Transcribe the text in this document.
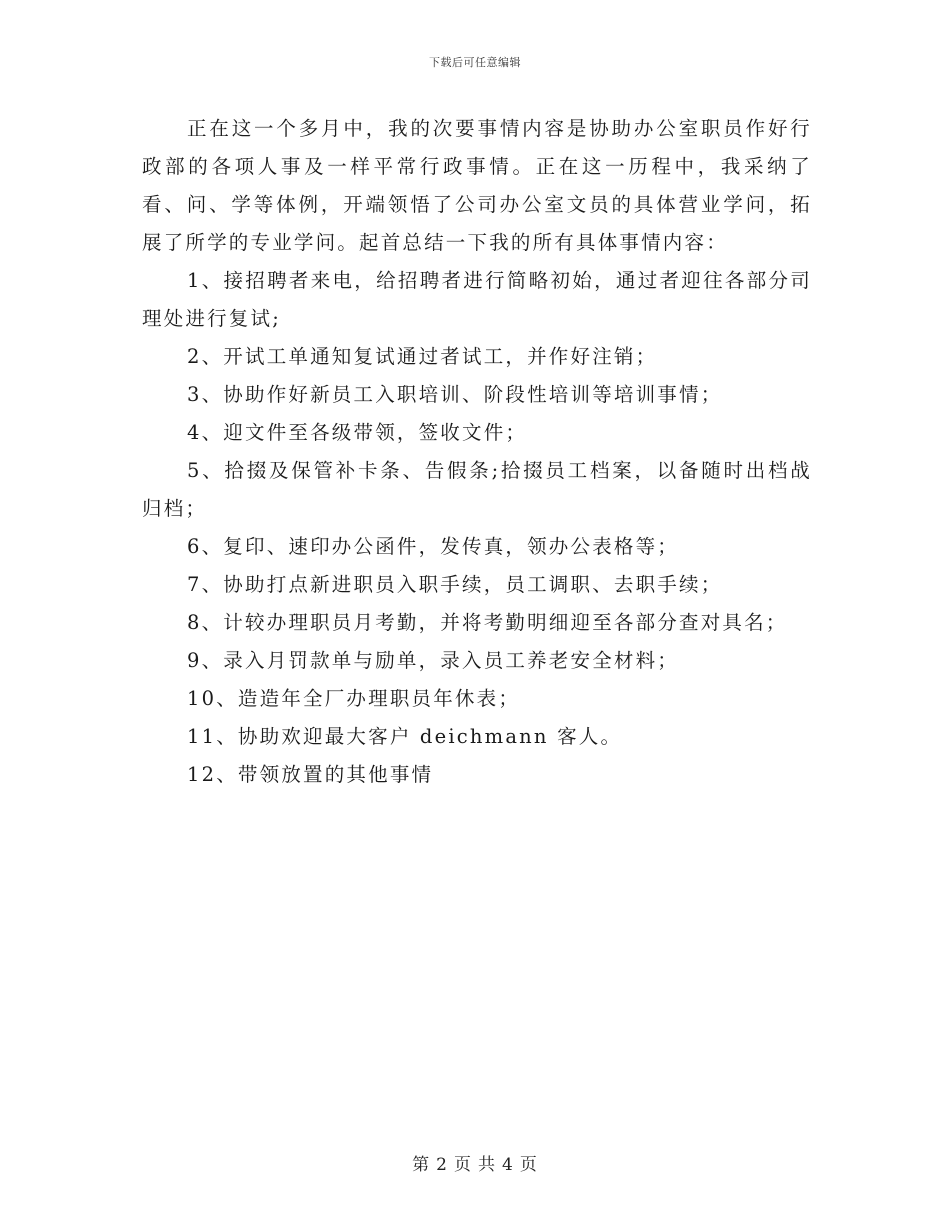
下载后可任意编辑

正在这一个多月中，我的次要事情内容是协助办公室职员作好行政部的各项人事及一样平常行政事情。正在这一历程中，我采纳了看、问、学等体例，开端领悟了公司办公室文员的具体营业学问，拓展了所学的专业学问。起首总结一下我的所有具体事情内容：

1、接招聘者来电，给招聘者进行简略初始，通过者迎往各部分司理处进行复试;

2、开试工单通知复试通过者试工，并作好注销；

3、协助作好新员工入职培训、阶段性培训等培训事情；

4、迎文件至各级带领，签收文件；

5、拾掇及保管补卡条、告假条;拾掇员工档案，以备随时出档战归档；

6、复印、速印办公函件，发传真，领办公表格等；

7、协助打点新进职员入职手续，员工调职、去职手续；

8、计较办理职员月考勤，并将考勤明细迎至各部分查对具名；

9、录入月罚款单与励单，录入员工养老安全材料；

10、造造年全厂办理职员年休表；

11、协助欢迎最大客户 deichmann 客人。

12、带领放置的其他事情

第 2 页 共 4 页
